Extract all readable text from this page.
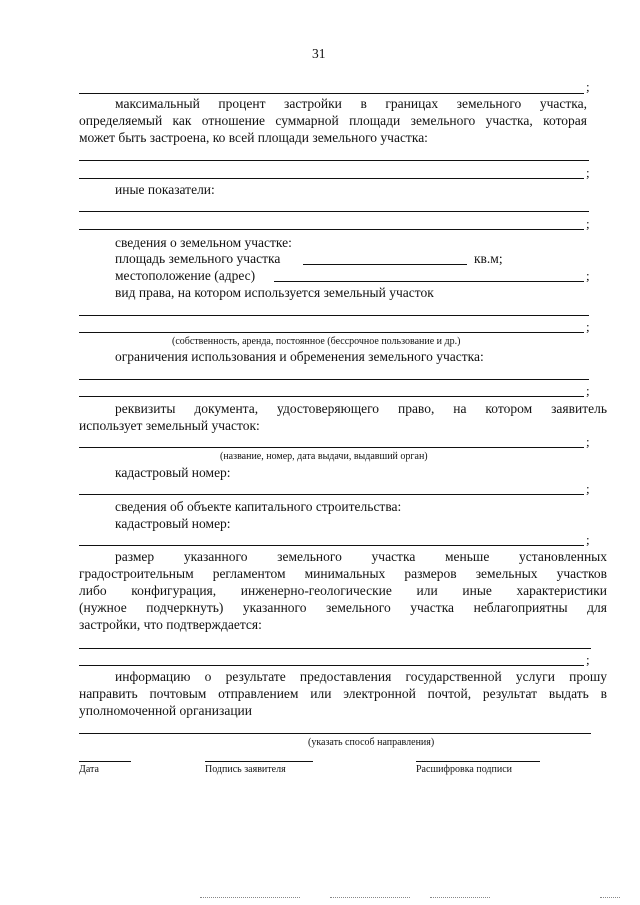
31
;
максимальный процент застройки в границах земельного участка,
определяемый как отношение суммарной площади земельного участка, которая
может быть застроена, ко всей площади земельного участка:
;
иные показатели:
;
сведения о земельном участке:
площадь земельного участка	кв.м;
местоположение (адрес)	;
вид права, на котором используется земельный участок
;
(собственность, аренда, постоянное (бессрочное пользование и др.)
ограничения использования и обременения земельного участка:
;
реквизиты документа, удостоверяющего право, на котором заявитель
использует земельный участок:
;
(название, номер, дата выдачи, выдавший орган)
кадастровый номер:
;
сведения об объекте капитального строительства:
кадастровый номер:
;
размер указанного земельного участка меньше установленных
градостроительным регламентом минимальных размеров земельных участков
либо конфигурация, инженерно-геологические или иные характеристики
(нужное подчеркнуть) указанного земельного участка неблагоприятны для
застройки, что подтверждается:
;
информацию о результате предоставления государственной услуги прошу
направить почтовым отправлением или электронной почтой, результат выдать в
уполномоченной организации
(указать способ направления)
Дата	Подпись заявителя	Расшифровка подписи
